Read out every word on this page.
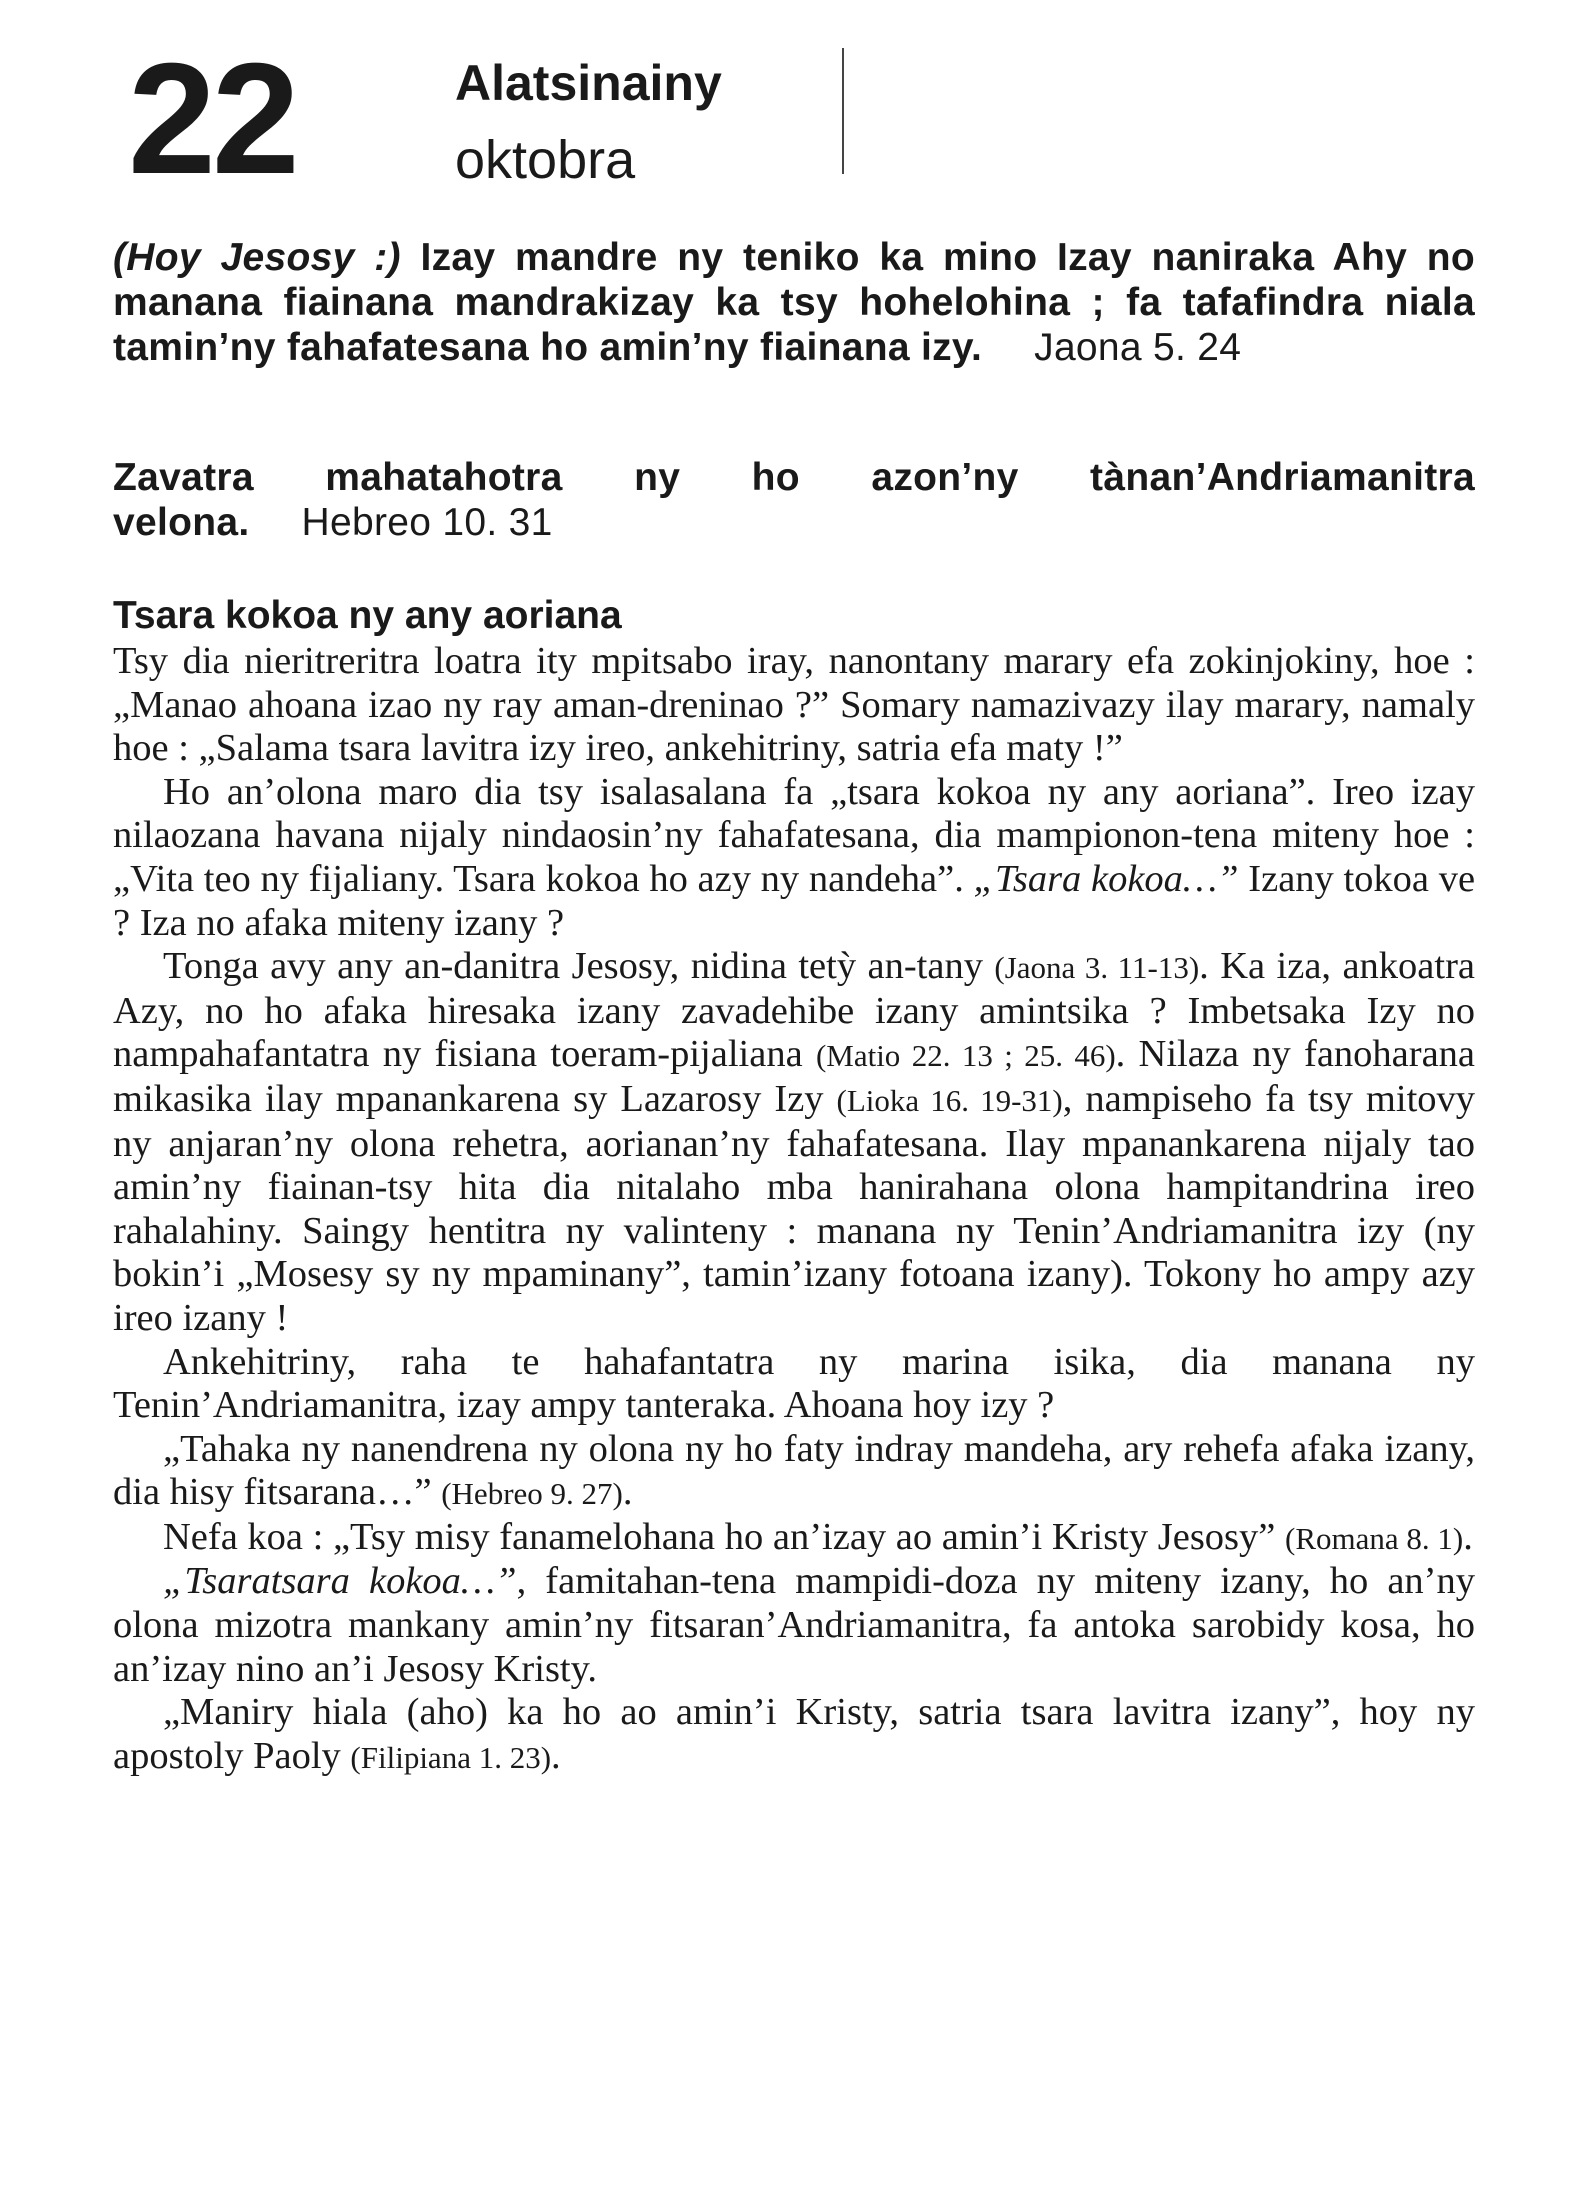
22	Alatsinainy
oktobra
(Hoy Jesosy :) Izay mandre ny teniko ka mino Izay naniraka Ahy no manana fiainana mandrakizay ka tsy hohelohina ; fa tafafindra niala tamin’ny fahafatesana ho amin’ny fiainana izy. Jaona 5. 24
Zavatra mahatahotra ny ho azon’ny tànan’Andriamanitra velona. Hebreo 10. 31
Tsara kokoa ny any aoriana

Tsy dia nieritreritra loatra ity mpitsabo iray, nanontany marary efa zokinjokiny, hoe : „Manao ahoana izao ny ray aman-dreninao ?” Somary namazivazy ilay marary, namaly hoe : „Salama tsara lavitra izy ireo, ankehitriny, satria efa maty !”

Ho an’olona maro dia tsy isalasalana fa „tsara kokoa ny any aoriana”. Ireo izay nilaozana havana nijaly nindaosin’ny fahafatesana, dia mampionon-tena miteny hoe : „Vita teo ny fijaliany. Tsara kokoa ho azy ny nandeha”. „Tsara kokoa…” Izany tokoa ve ? Iza no afaka miteny izany ?

Tonga avy any an-danitra Jesosy, nidina tetỳ an-tany (Jaona 3. 11-13). Ka iza, ankoatra Azy, no ho afaka hiresaka izany zavadehibe izany amintsika ? Imbetsaka Izy no nampahafantatra ny fisiana toeram-pijaliana (Matio 22. 13 ; 25. 46). Nilaza ny fanoharana mikasika ilay mpanankarena sy Lazarosy Izy (Lioka 16. 19-31), nampiseho fa tsy mitovy ny anjaran’ny olona rehetra, aorianan’ny fahafatesana. Ilay mpanankarena nijaly tao amin’ny fiainan-tsy hita dia nitalaho mba hanirahana olona hampitandrina ireo rahalahiny. Saingy hentitra ny valinteny : manana ny Tenin’Andriamanitra izy (ny bokin’i „Mosesy sy ny mpaminany”, tamin’izany fotoana izany). Tokony ho ampy azy ireo izany !

Ankehitriny, raha te hahafantatra ny marina isika, dia manana ny Tenin’Andriamanitra, izay ampy tanteraka. Ahoana hoy izy ?

„Tahaka ny nanendrena ny olona ny ho faty indray mandeha, ary rehefa afaka izany, dia hisy fitsarana…” (Hebreo 9. 27).

Nefa koa : „Tsy misy fanamelohana ho an’izay ao amin’i Kristy Jesosy” (Romana 8. 1).

„Tsaratsara kokoa…”, famitahan-tena mampidi-doza ny miteny izany, ho an’ny olona mizotra mankany amin’ny fitsaran’Andriamanitra, fa antoka sarobidy kosa, ho an’izay nino an’i Jesosy Kristy.

„Maniry hiala (aho) ka ho ao amin’i Kristy, satria tsara lavitra izany”, hoy ny apostoly Paoly (Filipiana 1. 23).
